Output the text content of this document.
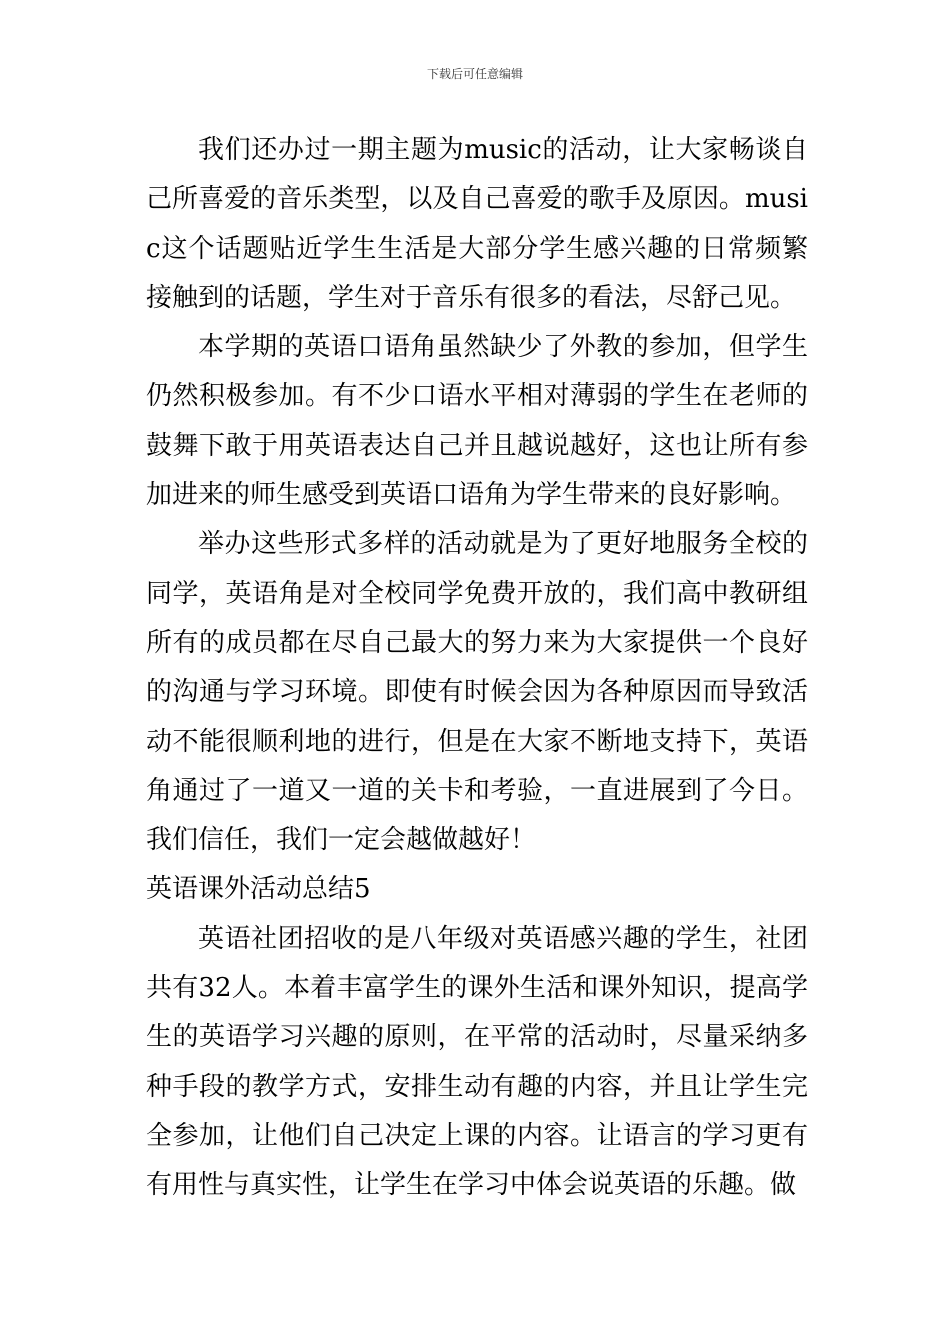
下载后可任意编辑

我们还办过一期主题为music的活动，让大家畅谈自己所喜爱的音乐类型，以及自己喜爱的歌手及原因。music这个话题贴近学生生活是大部分学生感兴趣的日常频繁接触到的话题，学生对于音乐有很多的看法，尽舒己见。

本学期的英语口语角虽然缺少了外教的参加，但学生仍然积极参加。有不少口语水平相对薄弱的学生在老师的鼓舞下敢于用英语表达自己并且越说越好，这也让所有参加进来的师生感受到英语口语角为学生带来的良好影响。

举办这些形式多样的活动就是为了更好地服务全校的同学，英语角是对全校同学免费开放的，我们高中教研组所有的成员都在尽自己最大的努力来为大家提供一个良好的沟通与学习环境。即使有时候会因为各种原因而导致活动不能很顺利地的进行，但是在大家不断地支持下，英语角通过了一道又一道的关卡和考验，一直进展到了今日。我们信任，我们一定会越做越好！

英语课外活动总结5

英语社团招收的是八年级对英语感兴趣的学生，社团共有32人。本着丰富学生的课外生活和课外知识，提高学生的英语学习兴趣的原则，在平常的活动时，尽量采纳多种手段的教学方式，安排生动有趣的内容，并且让学生完全参加，让他们自己决定上课的内容。让语言的学习更有有用性与真实性，让学生在学习中体会说英语的乐趣。做
